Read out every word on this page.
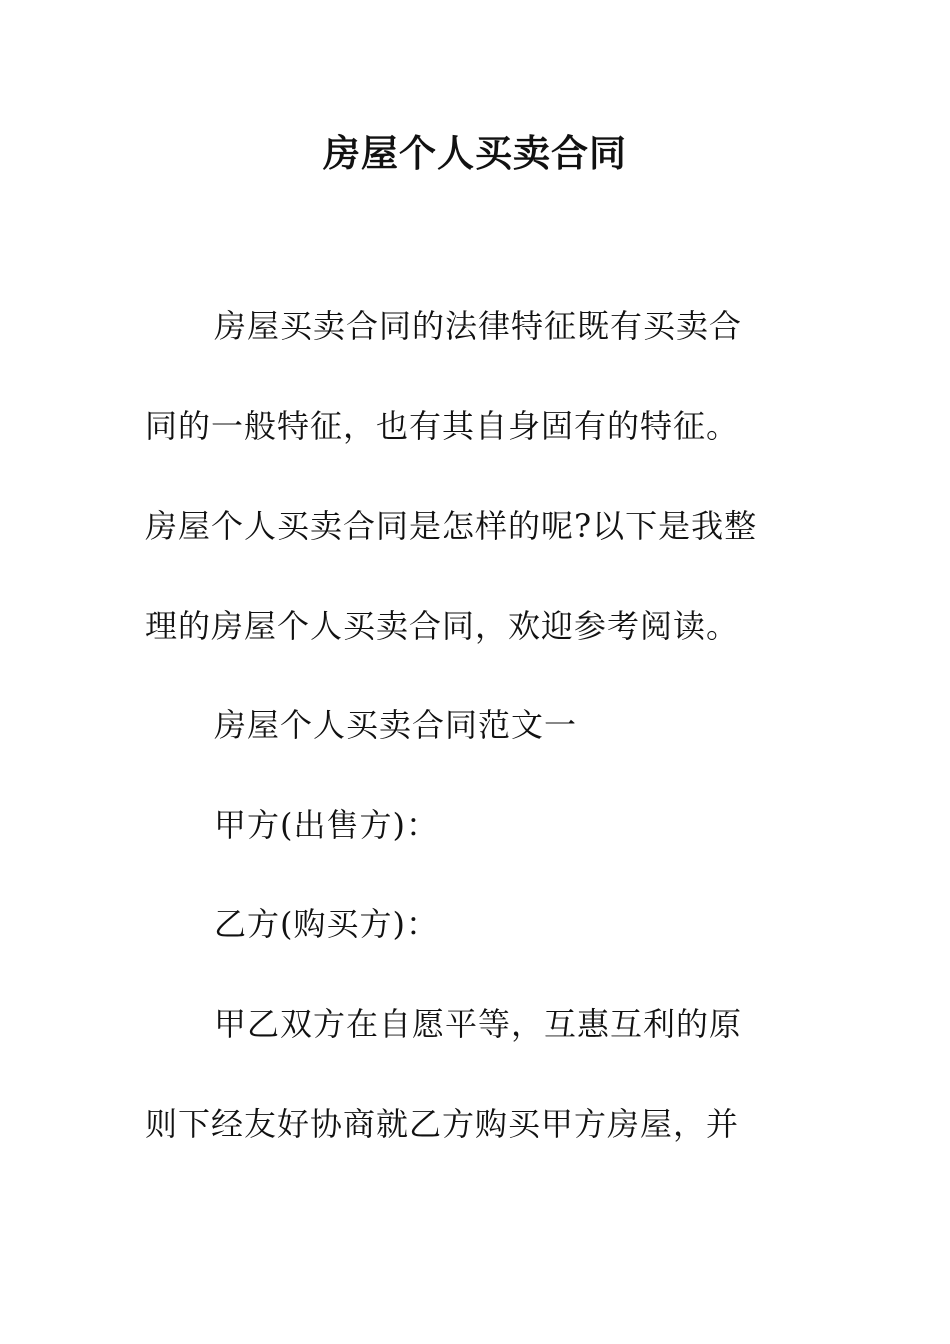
房屋个人买卖合同
房屋买卖合同的法律特征既有买卖合
同的一般特征，也有其自身固有的特征。
房屋个人买卖合同是怎样的呢?以下是我整
理的房屋个人买卖合同，欢迎参考阅读。
房屋个人买卖合同范文一
甲方(出售方)：
乙方(购买方)：
甲乙双方在自愿平等，互惠互利的原
则下经友好协商就乙方购买甲方房屋，并
